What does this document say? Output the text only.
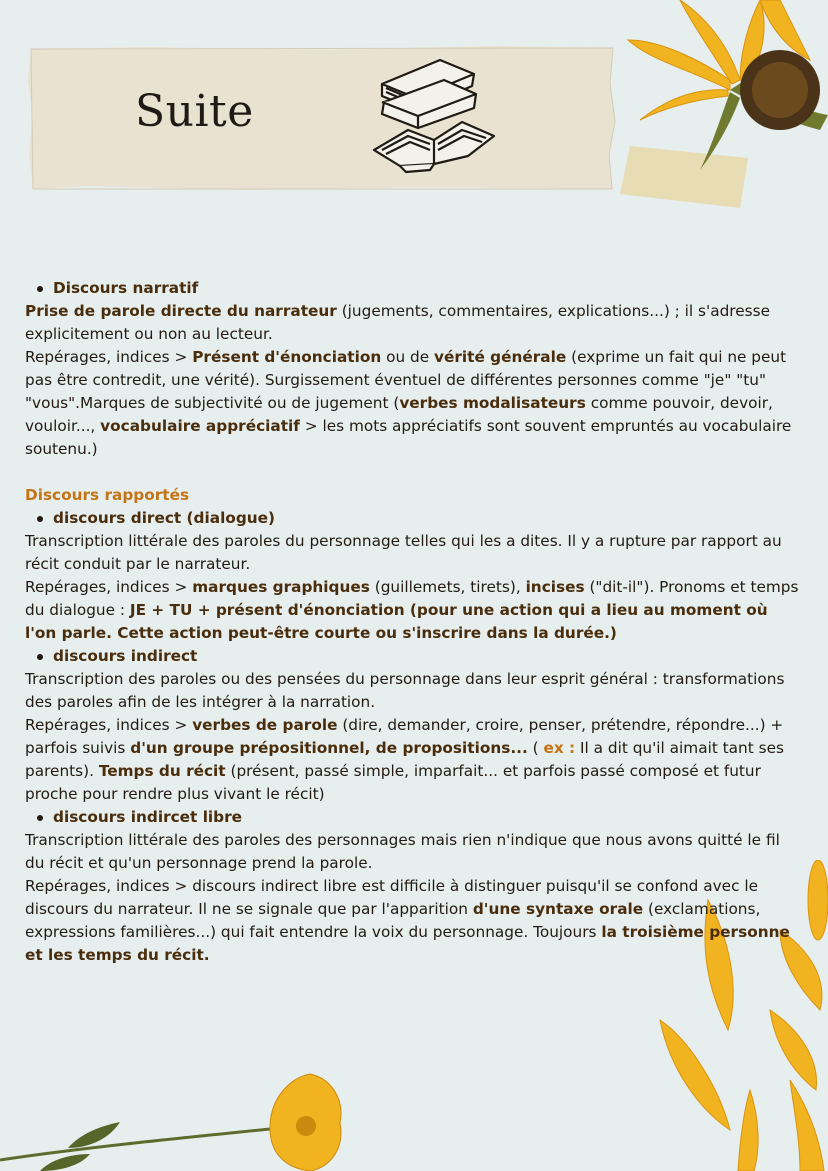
Suite

Discours narratif

Prise de parole directe du narrateur (jugements, commentaires, explications...) ; il s'adresse explicitement ou non au lecteur.

Repérages, indices > Présent d'énonciation ou de vérité générale (exprime un fait qui ne peut pas être contredit, une vérité). Surgissement éventuel de différentes personnes comme "je" "tu" "vous".Marques de subjectivité ou de jugement (verbes modalisateurs comme pouvoir, devoir, vouloir..., vocabulaire appréciatif > les mots appréciatifs sont souvent empruntés au vocabulaire soutenu.)

Discours rapportés

discours direct (dialogue)

Transcription littérale des paroles du personnage telles qui les a dites. Il y a rupture par rapport au récit conduit par le narrateur.

Repérages, indices > marques graphiques (guillemets, tirets), incises ("dit-il"). Pronoms et temps du dialogue : JE + TU + présent d'énonciation (pour une action qui a lieu au moment où l'on parle. Cette action peut-être courte ou s'inscrire dans la durée.)

discours indirect

Transcription des paroles ou des pensées du personnage dans leur esprit général : transformations des paroles afin de les intégrer à la narration.

Repérages, indices > verbes de parole (dire, demander, croire, penser, prétendre, répondre...) + parfois suivis d'un groupe prépositionnel, de propositions... ( ex : Il a dit qu'il aimait tant ses parents). Temps du récit (présent, passé simple, imparfait... et parfois passé composé et futur proche pour rendre plus vivant le récit)

discours indircet libre

Transcription littérale des paroles des personnages mais rien n'indique que nous avons quitté le fil du récit et qu'un personnage prend la parole.

Repérages, indices > discours indirect libre est difficile à distinguer puisqu'il se confond avec le discours du narrateur. Il ne se signale que par l'apparition d'une syntaxe orale (exclamations, expressions familières...) qui fait entendre la voix du personnage. Toujours la troisième personne et les temps du récit.
